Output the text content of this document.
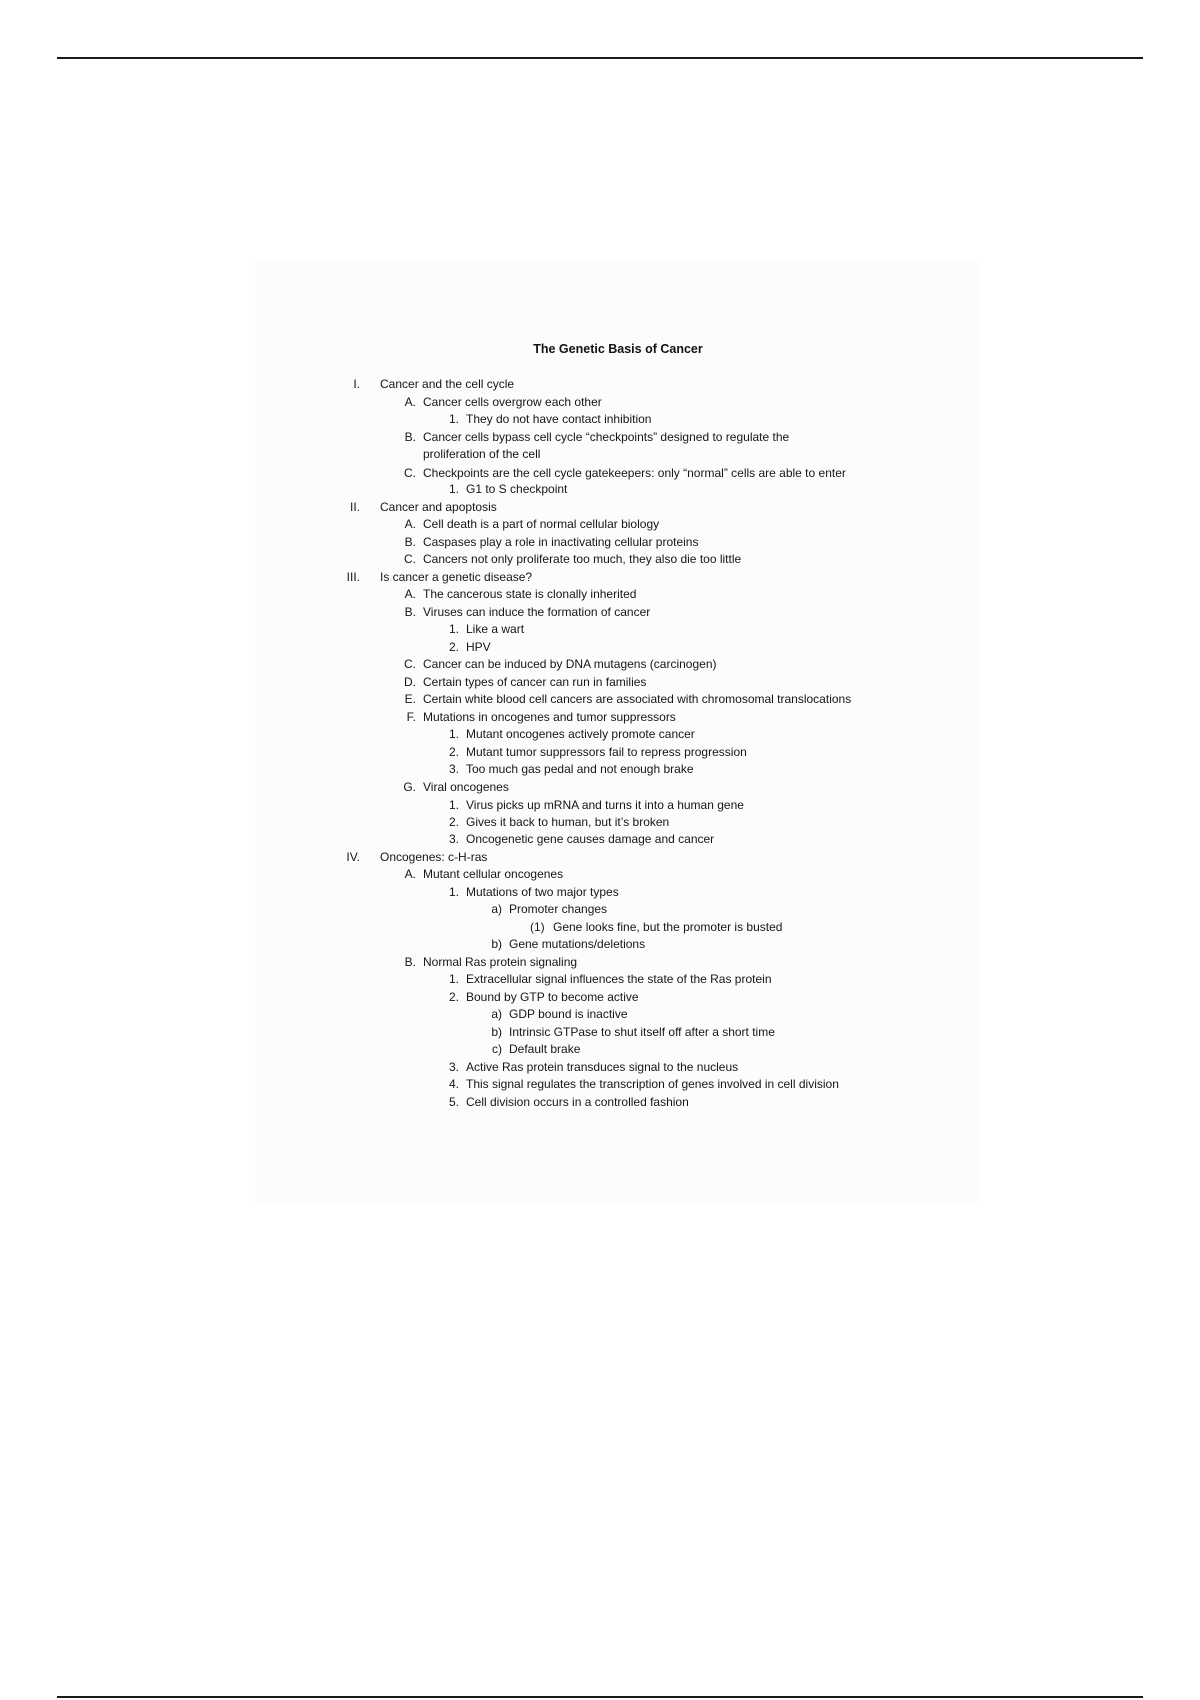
The Genetic Basis of Cancer
I. Cancer and the cell cycle
A. Cancer cells overgrow each other
1. They do not have contact inhibition
B. Cancer cells bypass cell cycle “checkpoints” designed to regulate the
proliferation of the cell
C. Checkpoints are the cell cycle gatekeepers: only “normal” cells are able to enter
1. G1 to S checkpoint
II. Cancer and apoptosis
A. Cell death is a part of normal cellular biology
B. Caspases play a role in inactivating cellular proteins
C. Cancers not only proliferate too much, they also die too little
III. Is cancer a genetic disease?
A. The cancerous state is clonally inherited
B. Viruses can induce the formation of cancer
1. Like a wart
2. HPV
C. Cancer can be induced by DNA mutagens (carcinogen)
D. Certain types of cancer can run in families
E. Certain white blood cell cancers are associated with chromosomal translocations
F. Mutations in oncogenes and tumor suppressors
1. Mutant oncogenes actively promote cancer
2. Mutant tumor suppressors fail to repress progression
3. Too much gas pedal and not enough brake
G. Viral oncogenes
1. Virus picks up mRNA and turns it into a human gene
2. Gives it back to human, but it’s broken
3. Oncogenetic gene causes damage and cancer
IV. Oncogenes: c-H-ras
A. Mutant cellular oncogenes
1. Mutations of two major types
a) Promoter changes
(1) Gene looks fine, but the promoter is busted
b) Gene mutations/deletions
B. Normal Ras protein signaling
1. Extracellular signal influences the state of the Ras protein
2. Bound by GTP to become active
a) GDP bound is inactive
b) Intrinsic GTPase to shut itself off after a short time
c) Default brake
3. Active Ras protein transduces signal to the nucleus
4. This signal regulates the transcription of genes involved in cell division
5. Cell division occurs in a controlled fashion
